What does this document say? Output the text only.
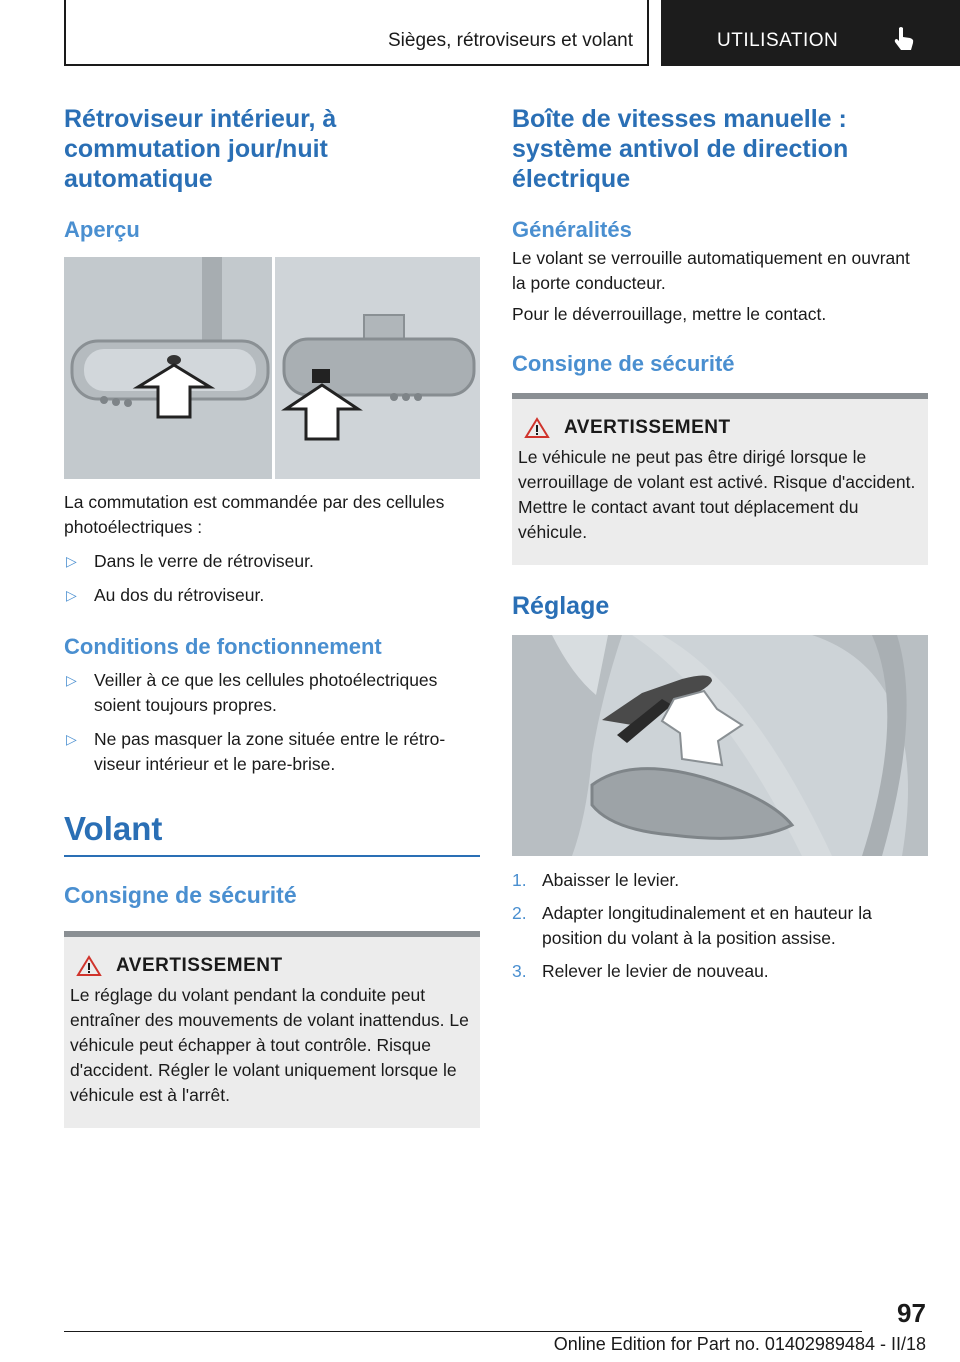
Sièges, rétroviseurs et volant	UTILISATION
Rétroviseur intérieur, à commutation jour/nuit automatique
Aperçu

La commutation est commandée par des cellules photoélectriques :

▷ Dans le verre de rétroviseur.
▷ Au dos du rétroviseur.
Conditions de fonctionnement
▷ Veiller à ce que les cellules photoélectriques soient toujours propres.
▷ Ne pas masquer la zone située entre le rétroviseur intérieur et le pare-brise.
Volant
Consigne de sécurité
AVERTISSEMENT

Le réglage du volant pendant la conduite peut entraîner des mouvements de volant inattendus. Le véhicule peut échapper à tout contrôle. Risque d'accident. Régler le volant uniquement lorsque le véhicule est à l'arrêt.

Boîte de vitesses manuelle : système antivol de direction électrique
Généralités

Le volant se verrouille automatiquement en ouvrant la porte conducteur.

Pour le déverrouillage, mettre le contact.

Consigne de sécurité
AVERTISSEMENT

Le véhicule ne peut pas être dirigé lorsque le verrouillage de volant est activé. Risque d'accident. Mettre le contact avant tout déplacement du véhicule.

Réglage
1. Abaisser le levier.
2. Adapter longitudinalement et en hauteur la position du volant à la position assise.
3. Relever le levier de nouveau.
97
Online Edition for Part no. 01402989484 - II/18
